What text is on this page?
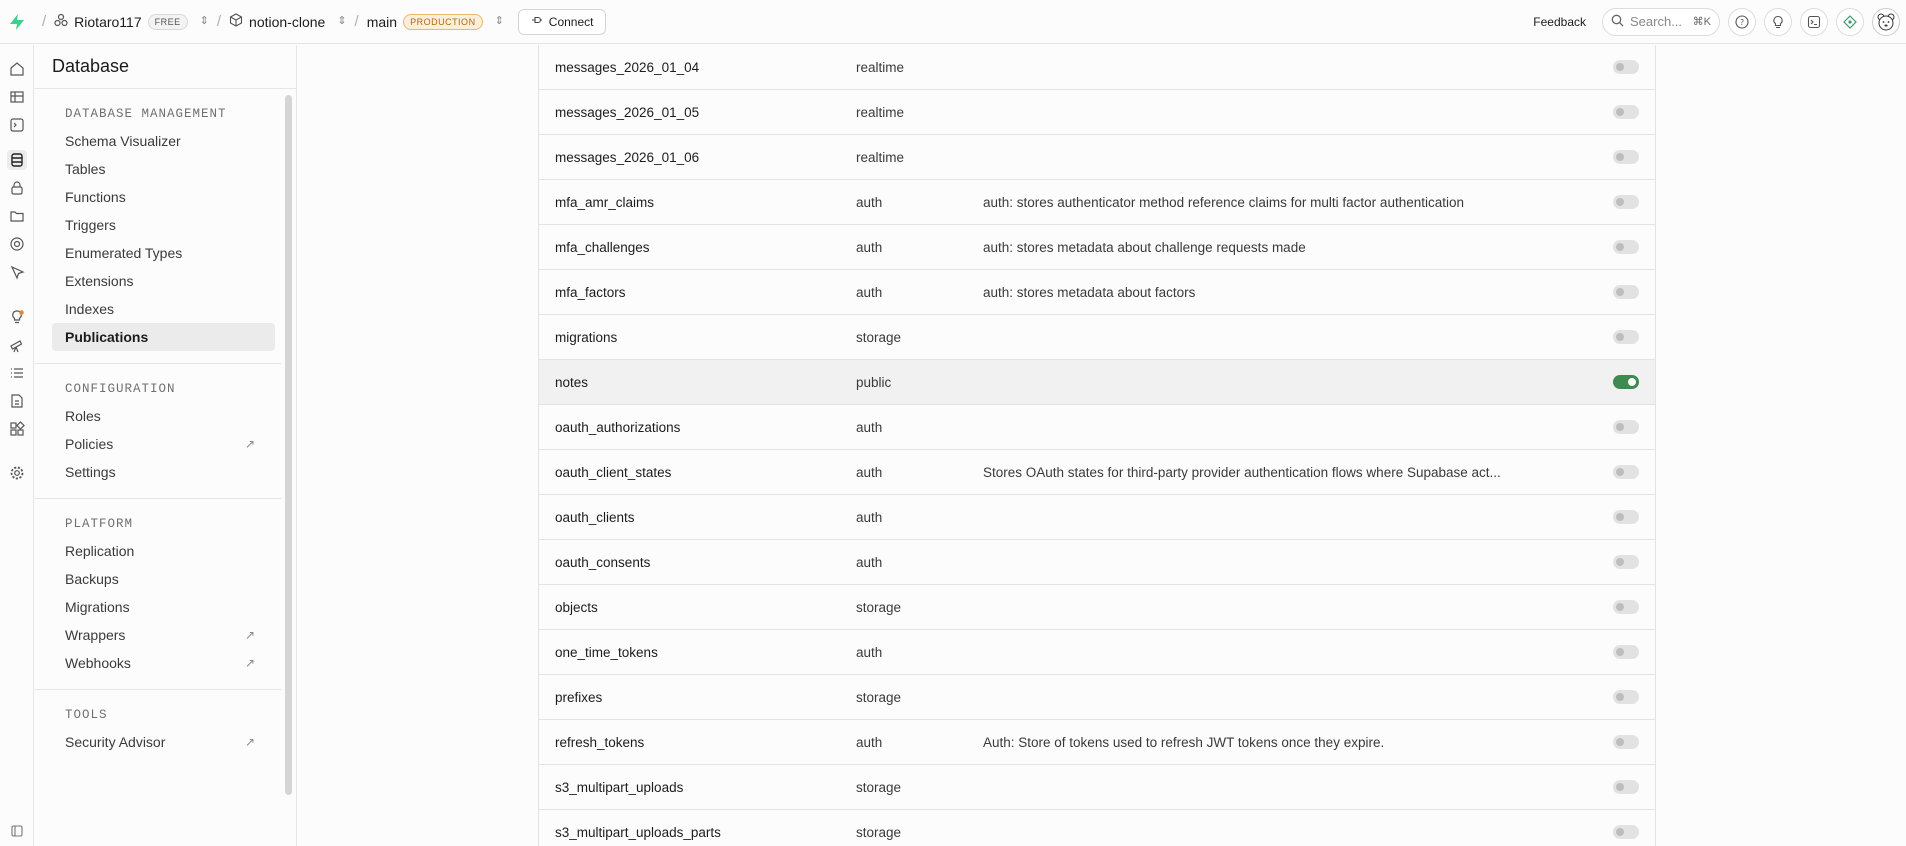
/ Riotaro117	FREE	⇕ / notion-clone ⇕ / main	PRODUCTION	⇕	Connect	Feedback	Search... ⌘K	?
Database
DATABASE MANAGEMENT
Schema Visualizer
Tables
Functions
Triggers
Enumerated Types
Extensions
Indexes
Publications
CONFIGURATION
Roles
Policies	↗
Settings
PLATFORM
Replication
Backups
Migrations
Wrappers	↗
Webhooks	↗
TOOLS
Security Advisor	↗
messages_2026_01_04	realtime
messages_2026_01_05	realtime
messages_2026_01_06	realtime
mfa_amr_claims	auth	auth: stores authenticator method reference claims for multi factor authentication
mfa_challenges	auth	auth: stores metadata about challenge requests made
mfa_factors	auth	auth: stores metadata about factors
migrations	storage
notes	public
oauth_authorizations	auth
oauth_client_states	auth	Stores OAuth states for third-party provider authentication flows where Supabase act...
oauth_clients	auth
oauth_consents	auth
objects	storage
one_time_tokens	auth
prefixes	storage
refresh_tokens	auth	Auth: Store of tokens used to refresh JWT tokens once they expire.
s3_multipart_uploads	storage
s3_multipart_uploads_parts	storage
